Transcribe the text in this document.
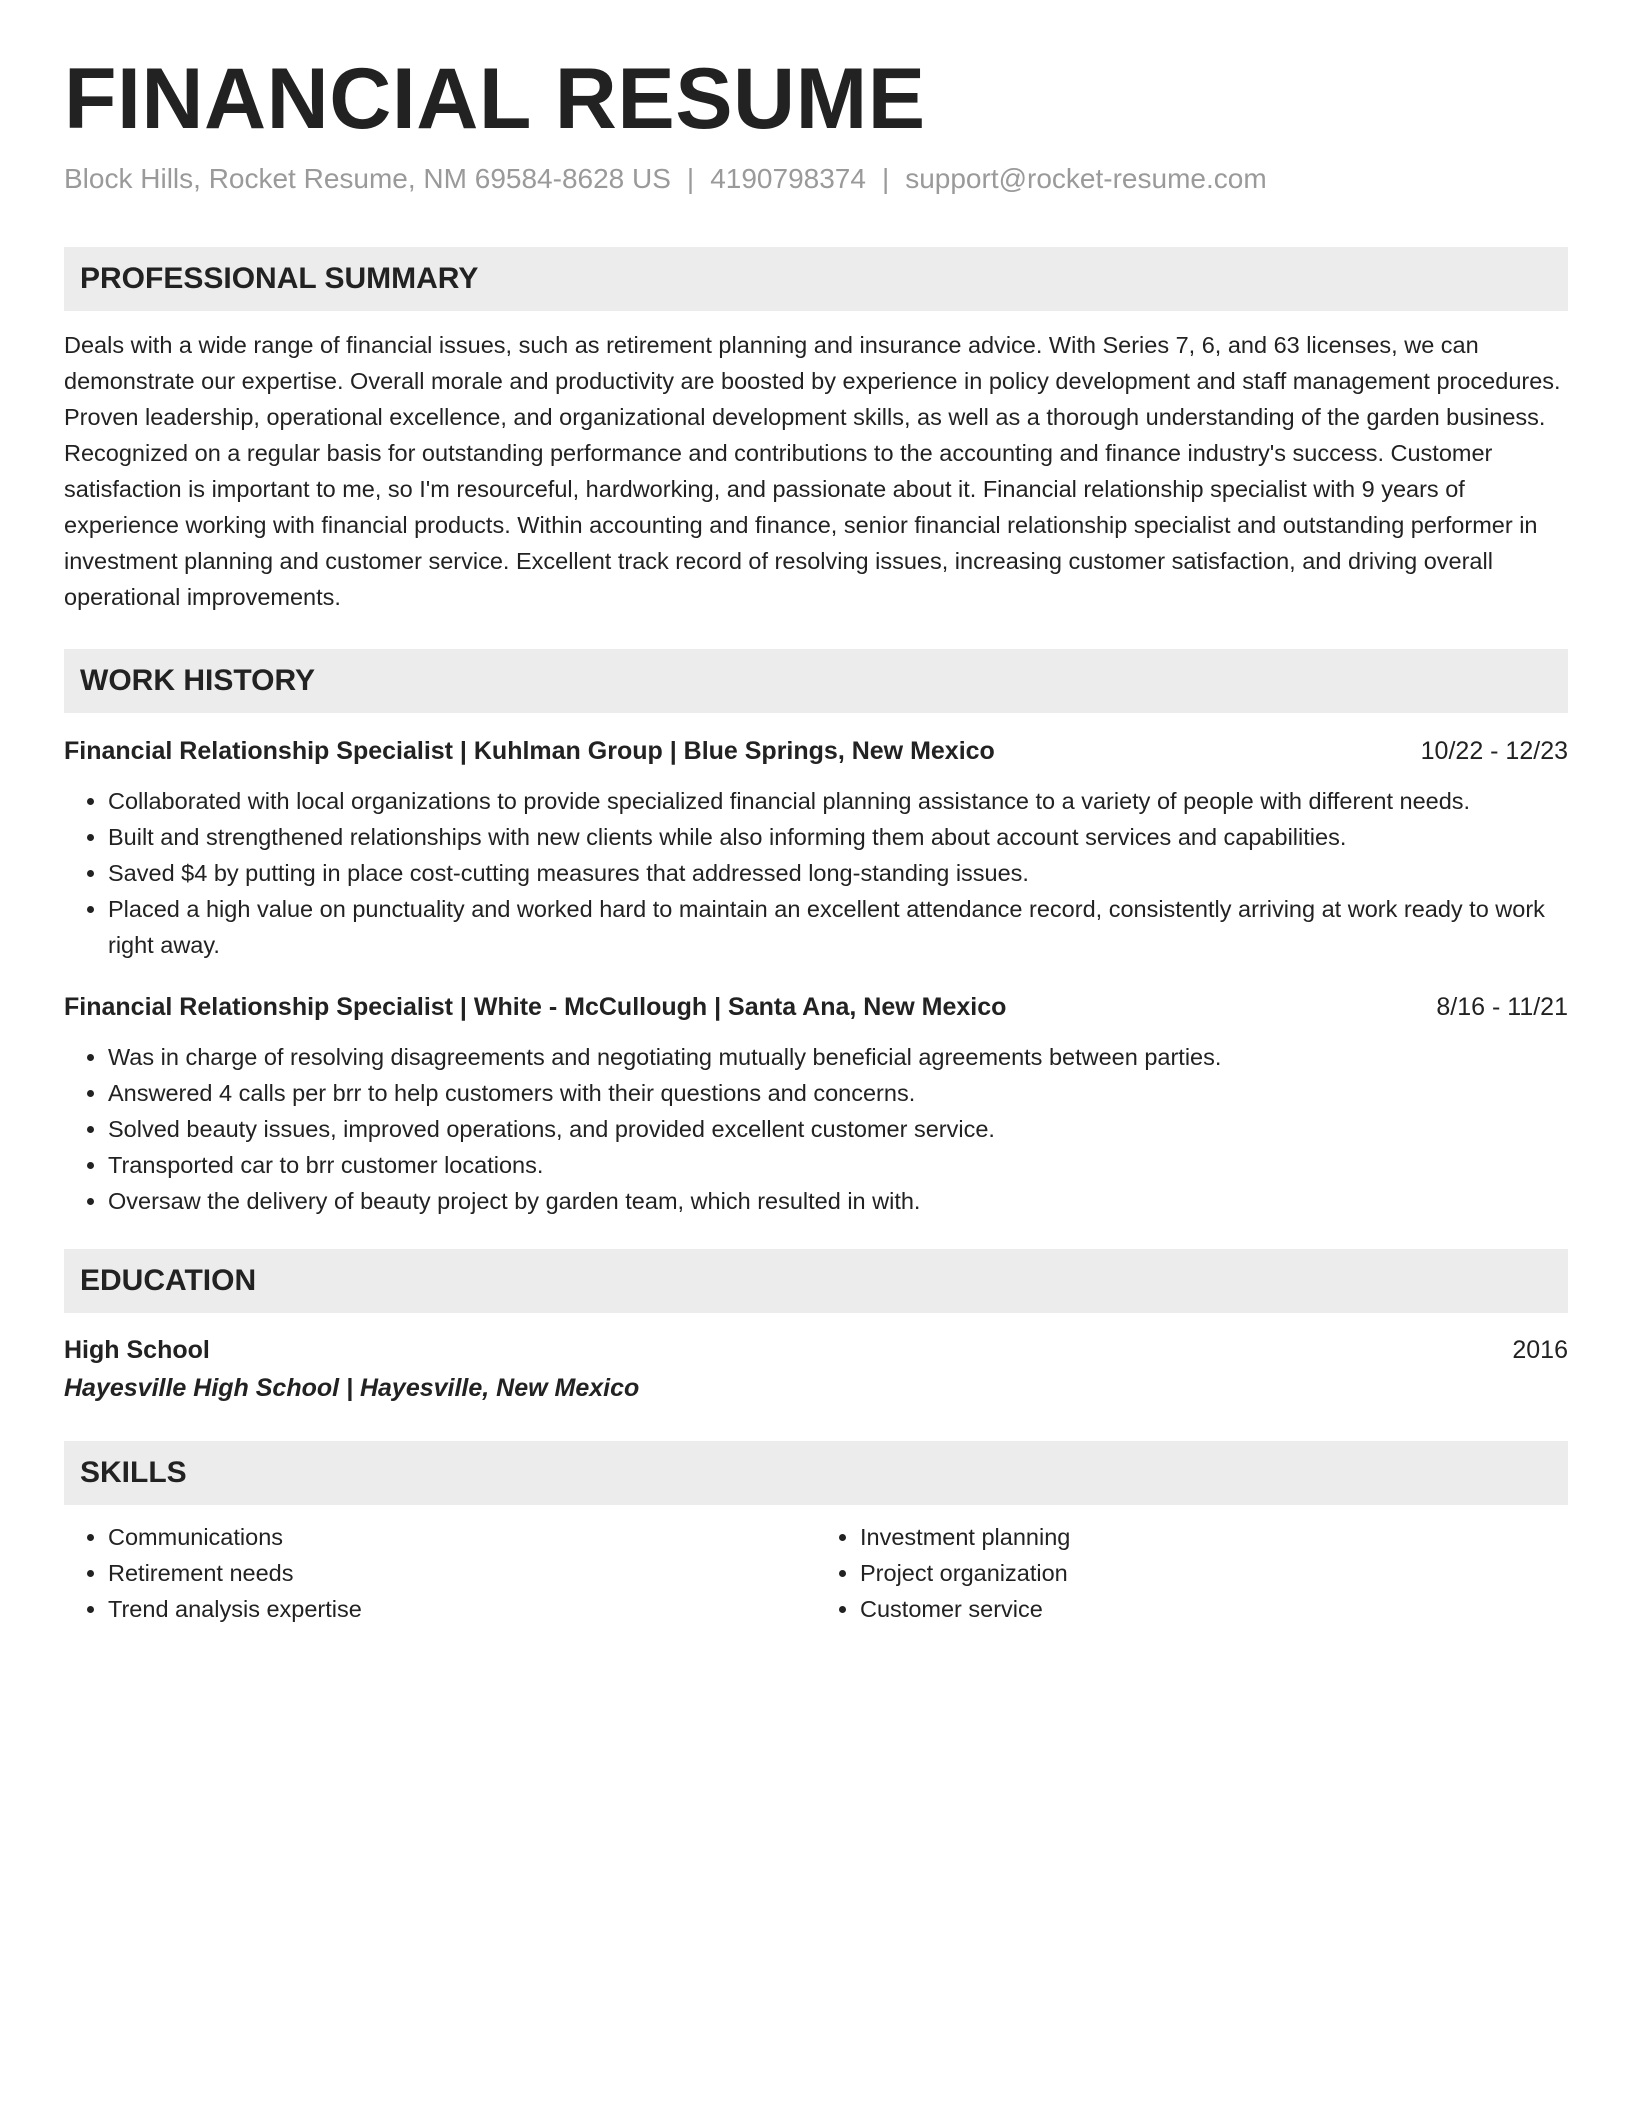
FINANCIAL RESUME
Block Hills, Rocket Resume, NM 69584-8628 US | 4190798374 | support@rocket-resume.com
PROFESSIONAL SUMMARY

Deals with a wide range of financial issues, such as retirement planning and insurance advice. With Series 7, 6, and 63 licenses, we can demonstrate our expertise. Overall morale and productivity are boosted by experience in policy development and staff management procedures. Proven leadership, operational excellence, and organizational development skills, as well as a thorough understanding of the garden business. Recognized on a regular basis for outstanding performance and contributions to the accounting and finance industry's success. Customer satisfaction is important to me, so I'm resourceful, hardworking, and passionate about it. Financial relationship specialist with 9 years of experience working with financial products. Within accounting and finance, senior financial relationship specialist and outstanding performer in investment planning and customer service. Excellent track record of resolving issues, increasing customer satisfaction, and driving overall operational improvements.

WORK HISTORY
Financial Relationship Specialist | Kuhlman Group | Blue Springs, New Mexico	10/22 - 12/23
• Collaborated with local organizations to provide specialized financial planning assistance to a variety of people with different needs.
• Built and strengthened relationships with new clients while also informing them about account services and capabilities.
• Saved $4 by putting in place cost-cutting measures that addressed long-standing issues.
• Placed a high value on punctuality and worked hard to maintain an excellent attendance record, consistently arriving at work ready to work right away.
Financial Relationship Specialist | White - McCullough | Santa Ana, New Mexico	8/16 - 11/21
• Was in charge of resolving disagreements and negotiating mutually beneficial agreements between parties.
• Answered 4 calls per brr to help customers with their questions and concerns.
• Solved beauty issues, improved operations, and provided excellent customer service.
• Transported car to brr customer locations.
• Oversaw the delivery of beauty project by garden team, which resulted in with.
EDUCATION
High School	2016
Hayesville High School | Hayesville, New Mexico
SKILLS
• Communications
• Retirement needs
• Trend analysis expertise
• Investment planning
• Project organization
• Customer service
